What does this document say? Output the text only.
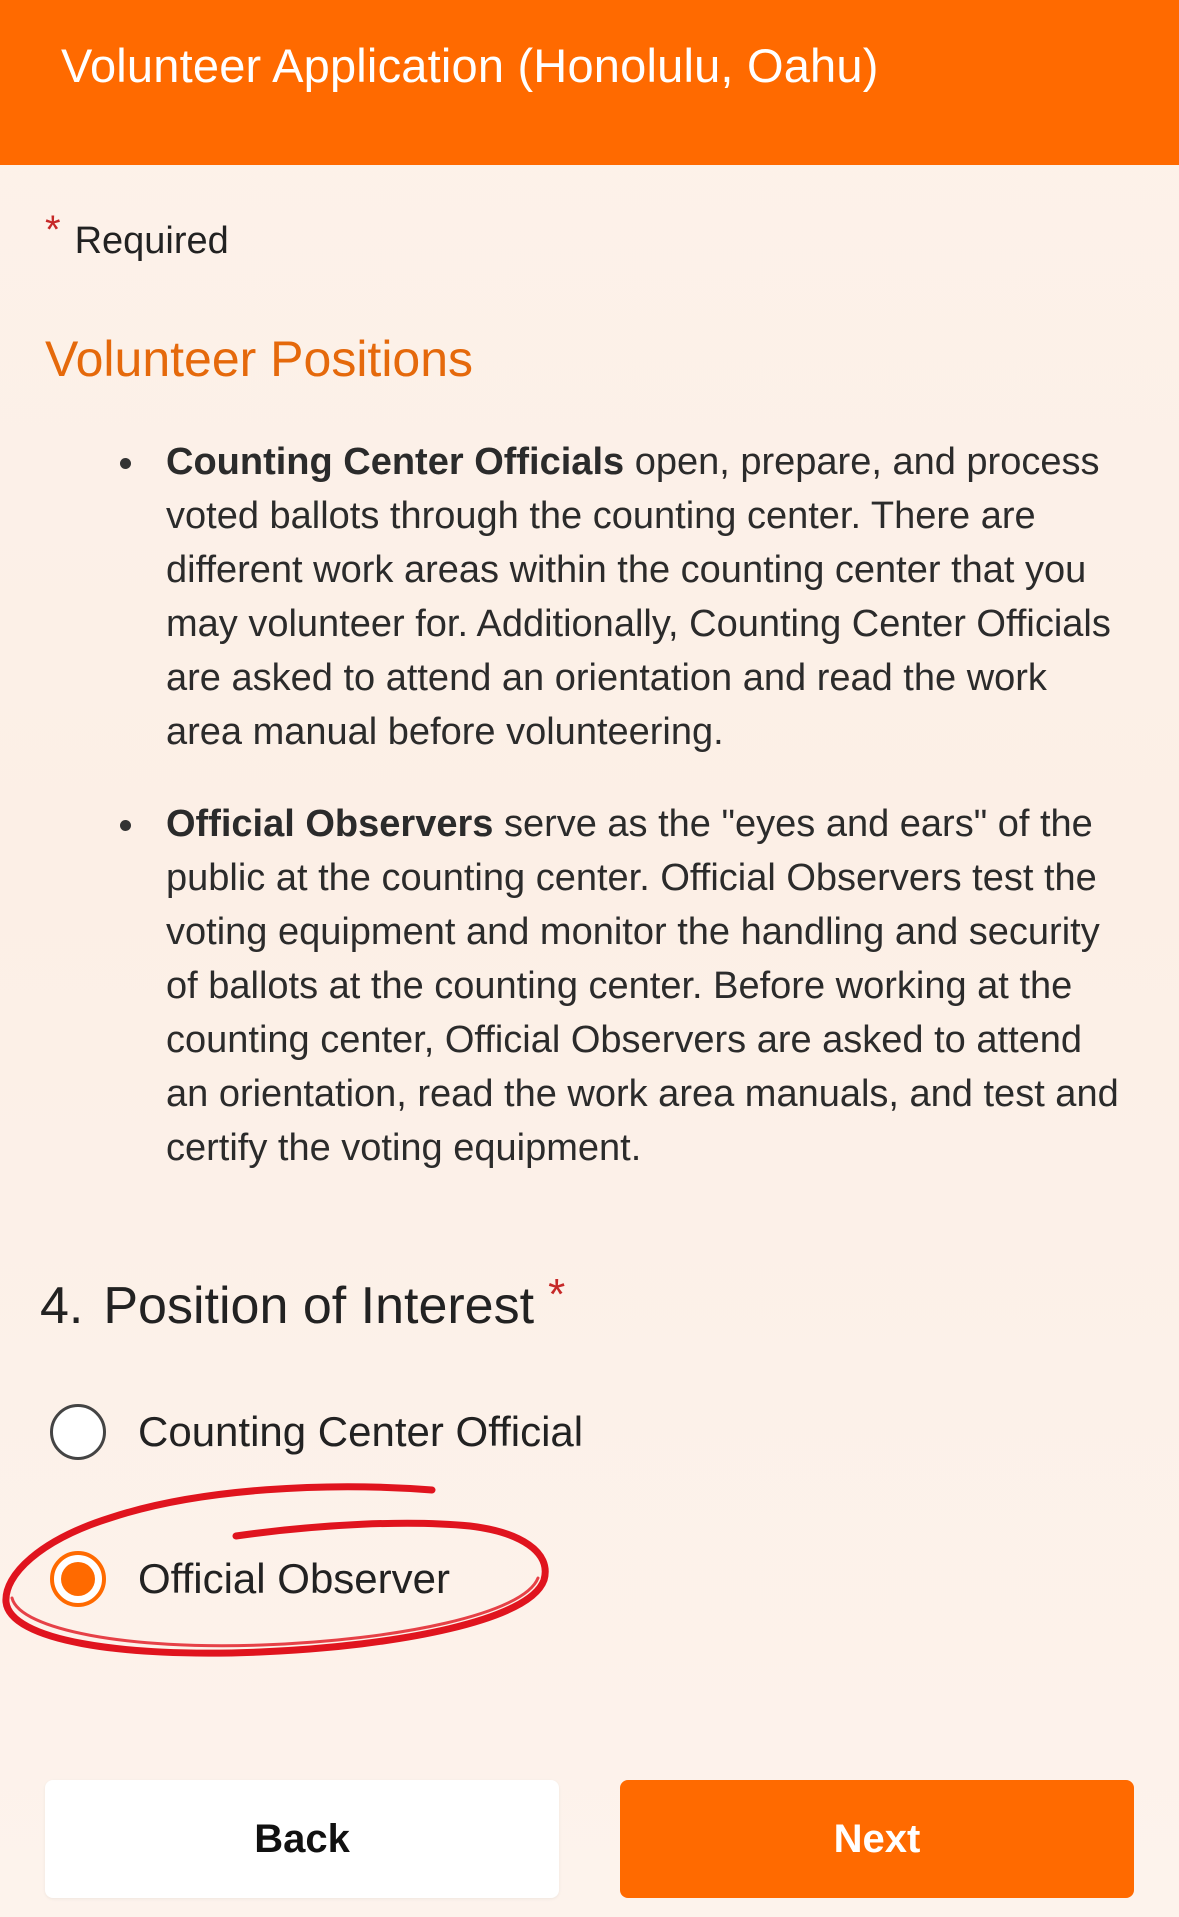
Volunteer Application (Honolulu, Oahu)
* Required
Volunteer Positions
Counting Center Officials open, prepare, and process voted ballots through the counting center. There are different work areas within the counting center that you may volunteer for. Additionally, Counting Center Officials are asked to attend an orientation and read the work area manual before volunteering.
Official Observers serve as the "eyes and ears" of the public at the counting center. Official Observers test the voting equipment and monitor the handling and security of ballots at the counting center. Before working at the counting center, Official Observers are asked to attend an orientation, read the work area manuals, and test and certify the voting equipment.
4. Position of Interest *
Counting Center Official
Official Observer
Back	Next
